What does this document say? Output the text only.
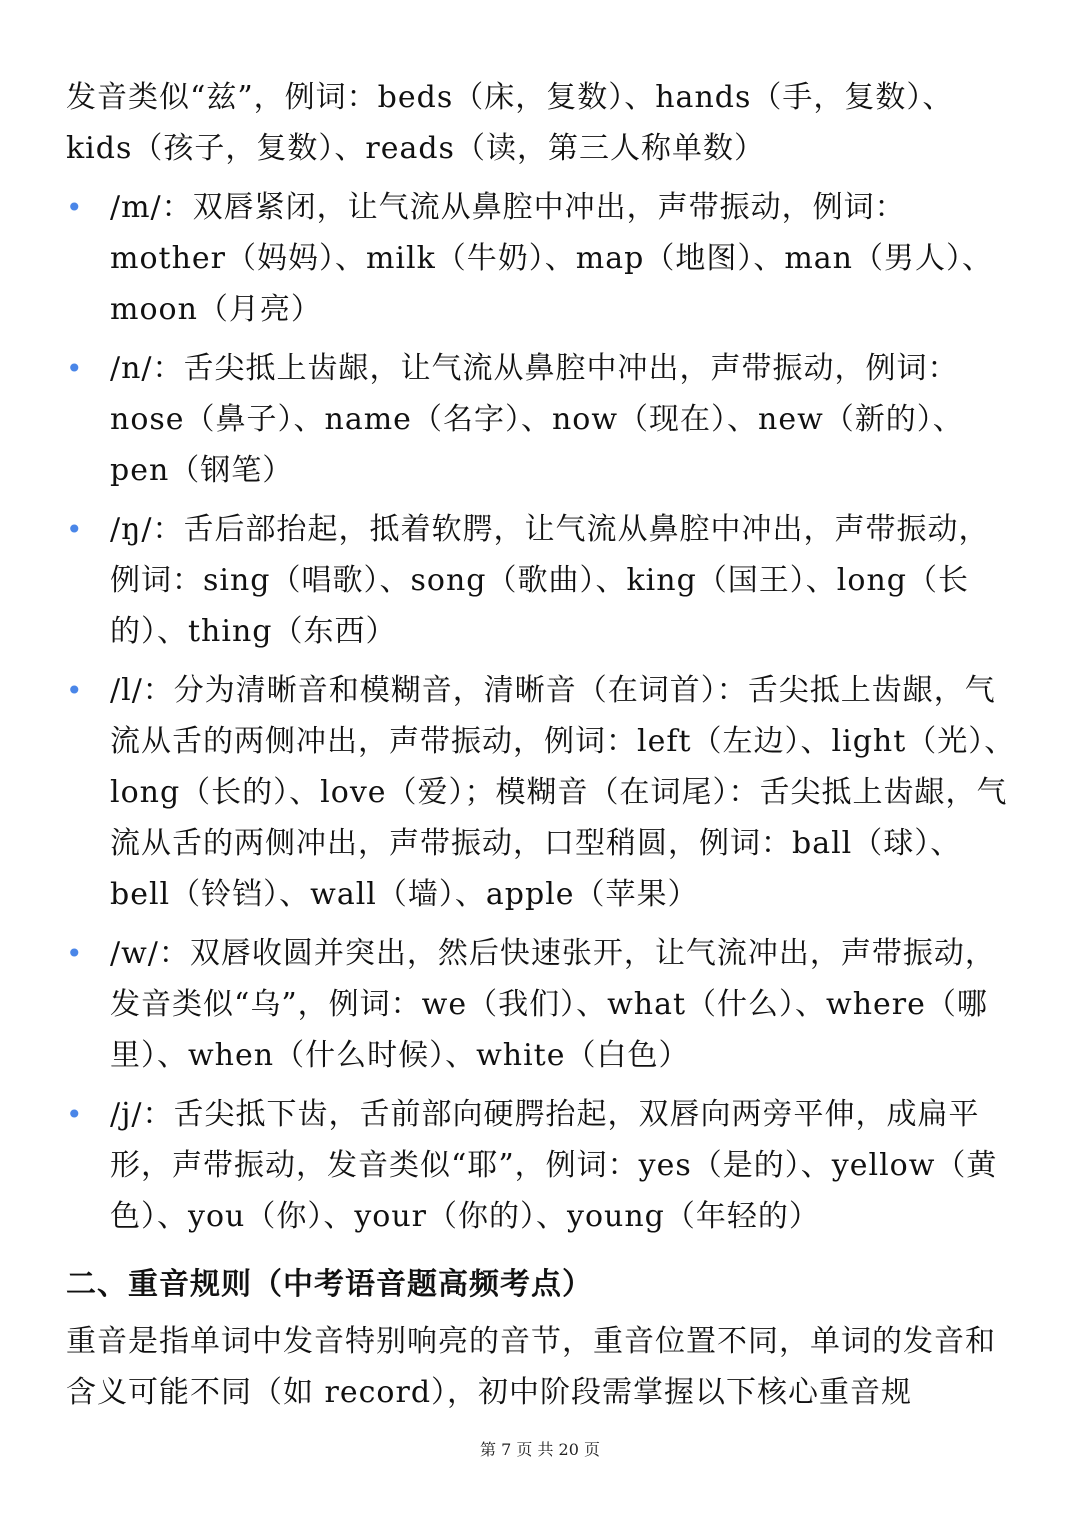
发音类似“兹”，例词：beds（床，复数）、hands（手，复数）、kids（孩子，复数）、reads（读，第三人称单数）

• /m/：双唇紧闭，让气流从鼻腔中冲出，声带振动，例词：mother（妈妈）、milk（牛奶）、map（地图）、man（男人）、moon（月亮）
• /n/：舌尖抵上齿龈，让气流从鼻腔中冲出，声带振动，例词：nose（鼻子）、name（名字）、now（现在）、new（新的）、pen（钢笔）
• /ŋ/：舌后部抬起，抵着软腭，让气流从鼻腔中冲出，声带振动，例词：sing（唱歌）、song（歌曲）、king（国王）、long（长的）、thing（东西）
• /l/：分为清晰音和模糊音，清晰音（在词首）：舌尖抵上齿龈，气流从舌的两侧冲出，声带振动，例词：left（左边）、light（光）、long（长的）、love（爱）；模糊音（在词尾）：舌尖抵上齿龈，气流从舌的两侧冲出，声带振动，口型稍圆，例词：ball（球）、bell（铃铛）、wall（墙）、apple（苹果）
• /w/：双唇收圆并突出，然后快速张开，让气流冲出，声带振动，发音类似“乌”，例词：we（我们）、what（什么）、where（哪里）、when（什么时候）、white（白色）
• /j/：舌尖抵下齿，舌前部向硬腭抬起，双唇向两旁平伸，成扁平形，声带振动，发音类似“耶”，例词：yes（是的）、yellow（黄色）、you（你）、your（你的）、young（年轻的）
二、重音规则（中考语音题高频考点）

重音是指单词中发音特别响亮的音节，重音位置不同，单词的发音和含义可能不同（如 record），初中阶段需掌握以下核心重音规

第 7 页 共 20 页
